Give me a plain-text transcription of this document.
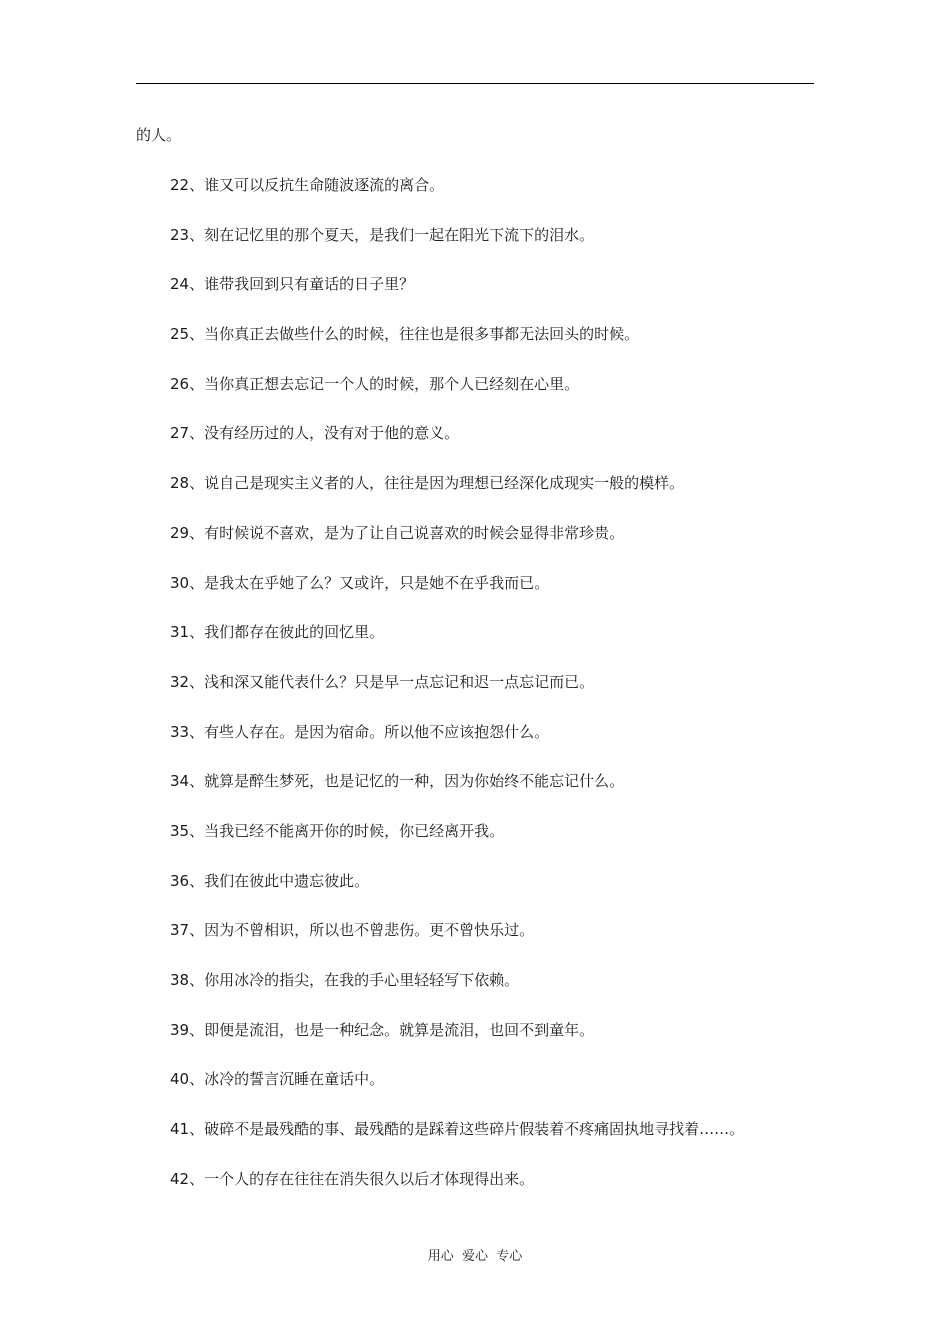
的人。
22、谁又可以反抗生命随波逐流的离合。
23、刻在记忆里的那个夏天，是我们一起在阳光下流下的泪水。
24、谁带我回到只有童话的日子里？
25、当你真正去做些什么的时候，往往也是很多事都无法回头的时候。
26、当你真正想去忘记一个人的时候，那个人已经刻在心里。
27、没有经历过的人，没有对于他的意义。
28、说自己是现实主义者的人，往往是因为理想已经深化成现实一般的模样。
29、有时候说不喜欢，是为了让自己说喜欢的时候会显得非常珍贵。
30、是我太在乎她了么？又或许，只是她不在乎我而已。
31、我们都存在彼此的回忆里。
32、浅和深又能代表什么？只是早一点忘记和迟一点忘记而已。
33、有些人存在。是因为宿命。所以他不应该抱怨什么。
34、就算是醉生梦死，也是记忆的一种，因为你始终不能忘记什么。
35、当我已经不能离开你的时候，你已经离开我。
36、我们在彼此中遗忘彼此。
37、因为不曾相识，所以也不曾悲伤。更不曾快乐过。
38、你用冰冷的指尖，在我的手心里轻轻写下依赖。
39、即便是流泪，也是一种纪念。就算是流泪，也回不到童年。
40、冰冷的誓言沉睡在童话中。
41、破碎不是最残酷的事、最残酷的是踩着这些碎片假装着不疼痛固执地寻找着……。
42、一个人的存在往往在消失很久以后才体现得出来。
用心  爱心  专心
